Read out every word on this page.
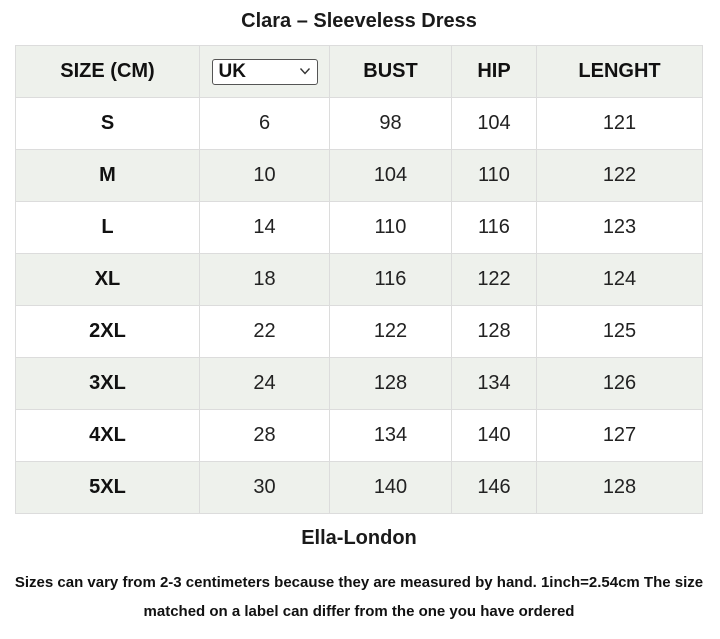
Clara – Sleeveless Dress
SIZE (CM)	UK	BUST	HIP	LENGHT
S	6	98	104	121
M	10	104	110	122
L	14	110	116	123
XL	18	116	122	124
2XL	22	122	128	125
3XL	24	128	134	126
4XL	28	134	140	127
5XL	30	140	146	128
Ella-London
Sizes can vary from 2-3 centimeters because they are measured by hand. 1inch=2.54cm The size matched on a label can differ from the one you have ordered
